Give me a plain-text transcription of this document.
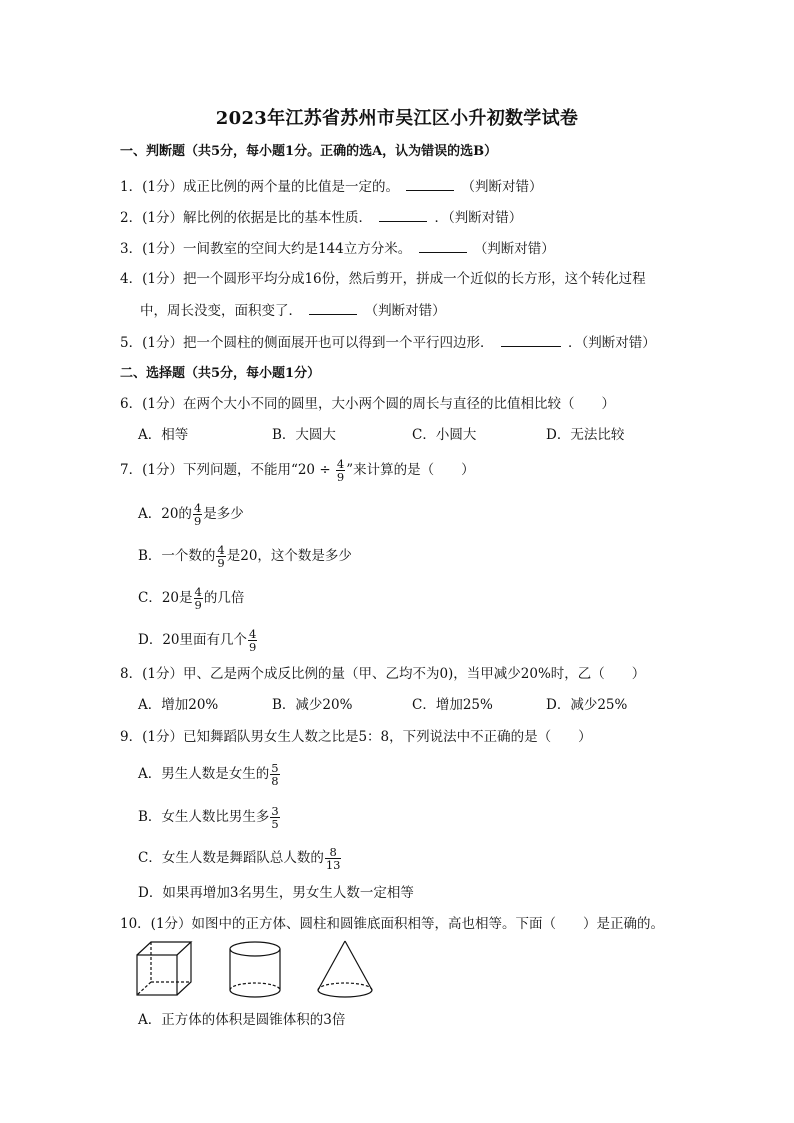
2023年江苏省苏州市吴江区小升初数学试卷
一、判断题（共5分，每小题1分。正确的选A，认为错误的选B）
1．(1分）成正比例的两个量的比值是一定的。	（判断对错）
2．(1分）解比例的依据是比的基本性质．	．（判断对错）
3．(1分）一间教室的空间大约是144立方分米。	（判断对错）
4．(1分）把一个圆形平均分成16份，然后剪开，拼成一个近似的长方形，这个转化过程
中，周长没变，面积变了．	（判断对错）
5．(1分）把一个圆柱的侧面展开也可以得到一个平行四边形．	．（判断对错）
二、选择题（共5分，每小题1分）
6．(1分）在两个大小不同的圆里，大小两个圆的周长与直径的比值相比较（　　）
A．相等	B．大圆大	C．小圆大	D．无法比较
7．(1分）下列问题，不能用“$20 \div \frac{4}{9}$ ”来计算的是（　　）
A．20的 $\frac{4}{9}$ 是多少
B．一个数的 $\frac{4}{9}$ 是20，这个数是多少
C．20是 $\frac{4}{9}$ 的几倍
D．20里面有几个 $\frac{4}{9}$
8．(1分）甲、乙是两个成反比例的量（甲、乙均不为0)，当甲减少20%时，乙（　　）
A．增加20%	B．减少20%	C．增加25%	D．减少25%
9．(1分）已知舞蹈队男女生人数之比是5：8，下列说法中不正确的是（　　）
A．男生人数是女生的 $\frac{5}{8}$
B．女生人数比男生多 $\frac{3}{5}$
C．女生人数是舞蹈队总人数的 $\frac{8}{13}$
D．如果再增加3名男生，男女生人数一定相等
10．(1分）如图中的正方体、圆柱和圆锥底面积相等，高也相等。下面（　　）是正确的。
A．正方体的体积是圆锥体积的3倍
